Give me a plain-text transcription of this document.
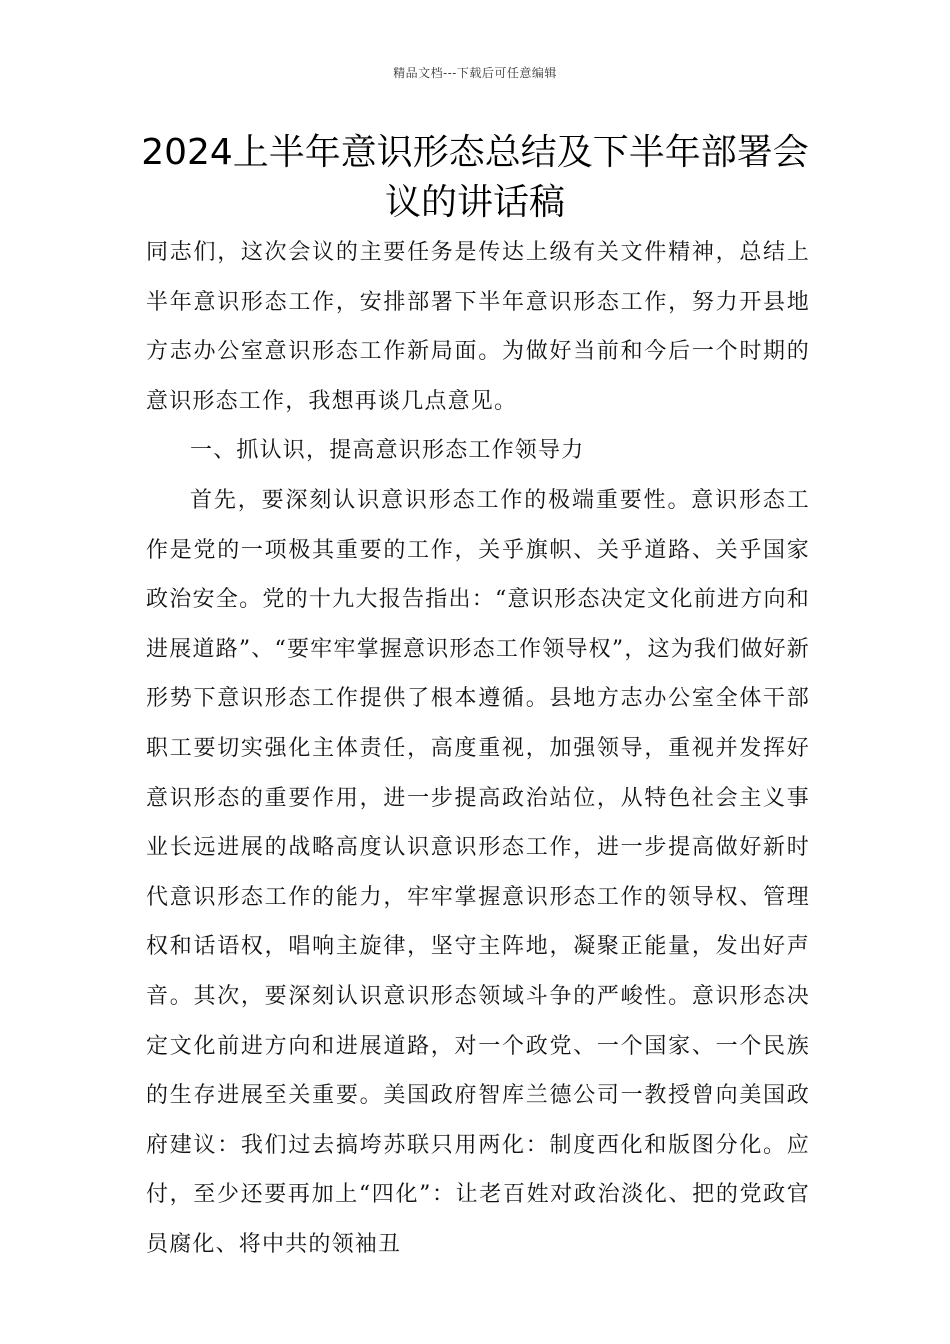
精品文档---下载后可任意编辑
2024上半年意识形态总结及下半年部署会议的讲话稿

同志们，这次会议的主要任务是传达上级有关文件精神，总结上半年意识形态工作，安排部署下半年意识形态工作，努力开县地方志办公室意识形态工作新局面。为做好当前和今后一个时期的意识形态工作，我想再谈几点意见。

一、抓认识，提高意识形态工作领导力

首先，要深刻认识意识形态工作的极端重要性。意识形态工作是党的一项极其重要的工作，关乎旗帜、关乎道路、关乎国家政治安全。党的十九大报告指出：“意识形态决定文化前进方向和进展道路”、“要牢牢掌握意识形态工作领导权”，这为我们做好新形势下意识形态工作提供了根本遵循。县地方志办公室全体干部职工要切实强化主体责任，高度重视，加强领导，重视并发挥好意识形态的重要作用，进一步提高政治站位，从特色社会主义事业长远进展的战略高度认识意识形态工作，进一步提高做好新时代意识形态工作的能力，牢牢掌握意识形态工作的领导权、管理权和话语权，唱响主旋律，坚守主阵地，凝聚正能量，发出好声音。其次，要深刻认识意识形态领域斗争的严峻性。意识形态决定文化前进方向和进展道路，对一个政党、一个国家、一个民族的生存进展至关重要。美国政府智库兰德公司一教授曾向美国政府建议：我们过去搞垮苏联只用两化：制度西化和版图分化。应付，至少还要再加上“四化”：让老百姓对政治淡化、把的党政官员腐化、将中共的领袖丑
